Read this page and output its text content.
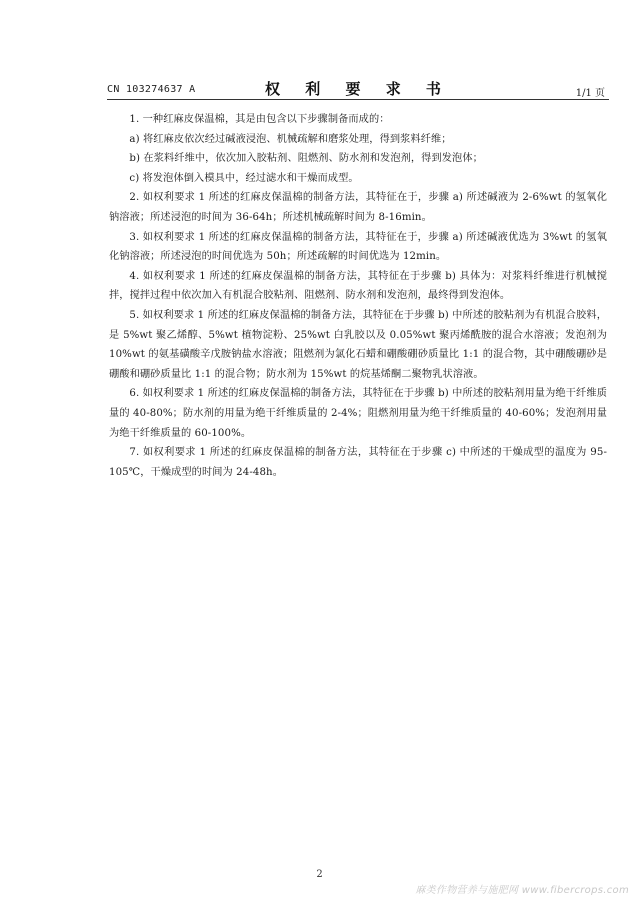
CN 103274637 A	权 利 要 求 书	1/1 页

1. 一种红麻皮保温棉，其是由包含以下步骤制备而成的：

a) 将红麻皮依次经过碱液浸泡、机械疏解和磨浆处理，得到浆料纤维；

b) 在浆料纤维中，依次加入胶粘剂、阻燃剂、防水剂和发泡剂，得到发泡体；

c) 将发泡体倒入模具中，经过滤水和干燥而成型。

2. 如权利要求 1 所述的红麻皮保温棉的制备方法，其特征在于，步骤 a) 所述碱液为 2-6%wt 的氢氧化钠溶液；所述浸泡的时间为 36-64h；所述机械疏解时间为 8-16min。

3. 如权利要求 1 所述的红麻皮保温棉的制备方法，其特征在于，步骤 a) 所述碱液优选为 3%wt 的氢氧化钠溶液；所述浸泡的时间优选为 50h；所述疏解的时间优选为 12min。

4. 如权利要求 1 所述的红麻皮保温棉的制备方法，其特征在于步骤 b) 具体为：对浆料纤维进行机械搅拌，搅拌过程中依次加入有机混合胶粘剂、阻燃剂、防水剂和发泡剂，最终得到发泡体。

5. 如权利要求 1 所述的红麻皮保温棉的制备方法，其特征在于步骤 b) 中所述的胶粘剂为有机混合胶料，是 5%wt 聚乙烯醇、5%wt 植物淀粉、25%wt 白乳胶以及 0.05%wt 聚丙烯酰胺的混合水溶液；发泡剂为 10%wt 的氨基磺酸辛戊胺钠盐水溶液；阻燃剂为氯化石蜡和硼酸硼砂质量比 1:1 的混合物，其中硼酸硼砂是硼酸和硼砂质量比 1:1 的混合物；防水剂为 15%wt 的烷基烯酮二聚物乳状溶液。

6. 如权利要求 1 所述的红麻皮保温棉的制备方法，其特征在于步骤 b) 中所述的胶粘剂用量为绝干纤维质量的 40-80%；防水剂的用量为绝干纤维质量的 2-4%；阻燃剂用量为绝干纤维质量的 40-60%；发泡剂用量为绝干纤维质量的 60-100%。

7. 如权利要求 1 所述的红麻皮保温棉的制备方法，其特征在于步骤 c) 中所述的干燥成型的温度为 95-105℃，干燥成型的时间为 24-48h。

2
麻类作物营养与施肥网 www.fibercrops.com
